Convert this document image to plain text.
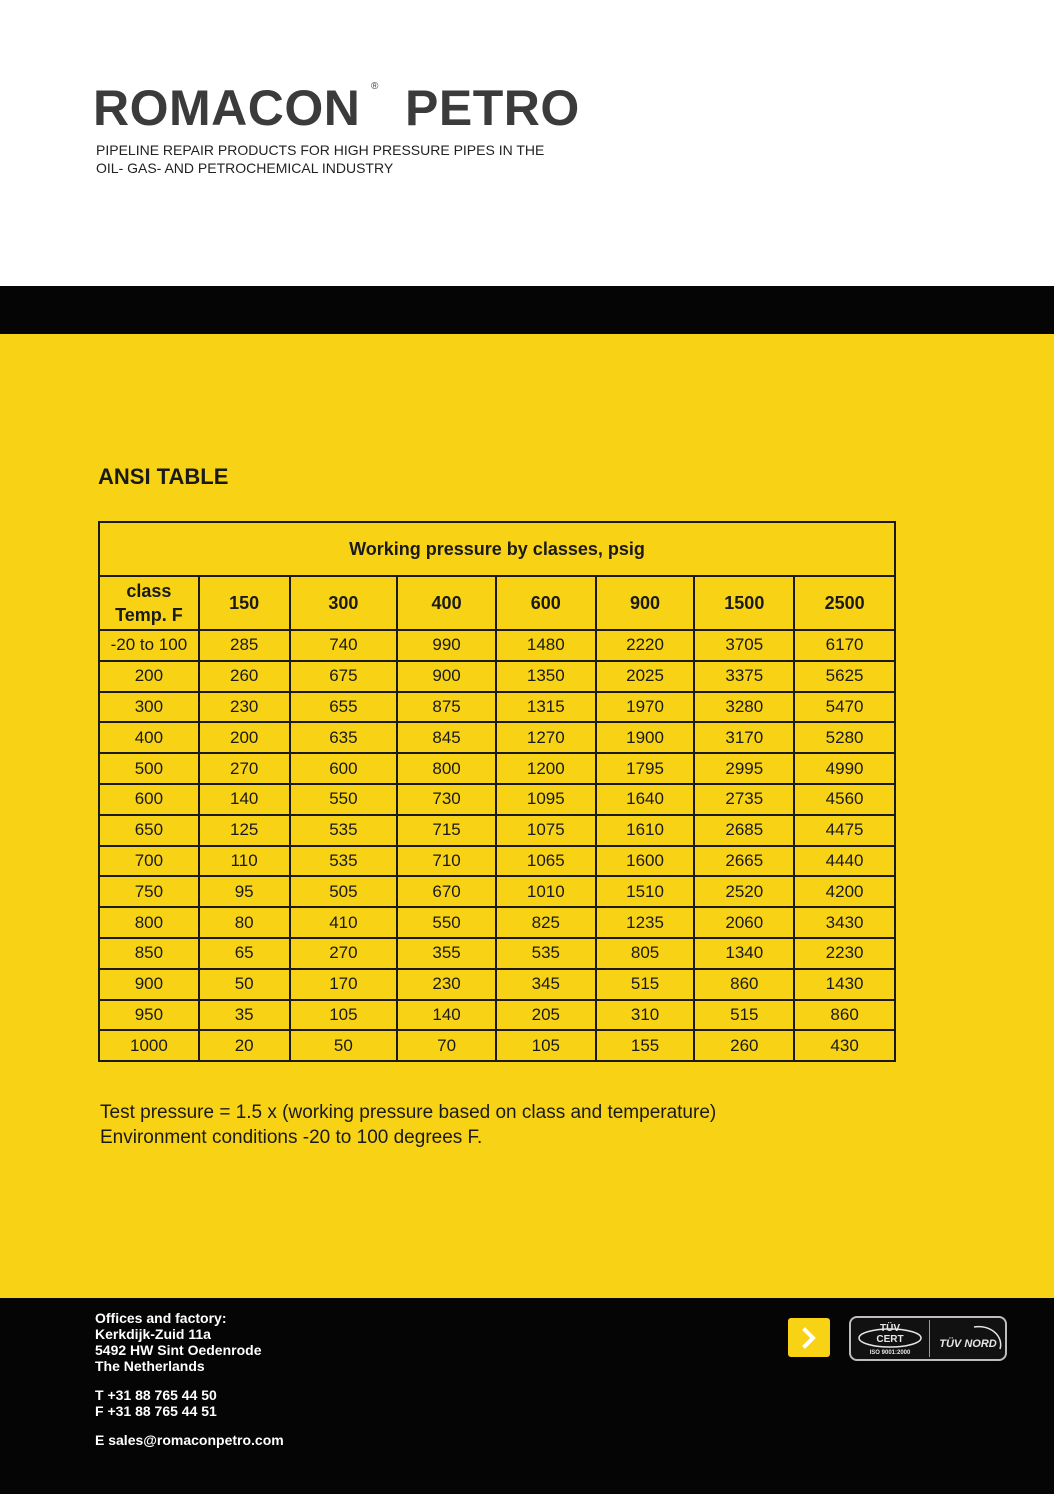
ROMACON ® PETRO
PIPELINE REPAIR PRODUCTS FOR HIGH PRESSURE PIPES IN THE
OIL- GAS- AND PETROCHEMICAL INDUSTRY
ANSI TABLE
Working pressure by classes, psig							

class
Temp. F	150	300	400	600	900	1500	2500
-20 to 100	285	740	990	1480	2220	3705	6170
200	260	675	900	1350	2025	3375	5625
300	230	655	875	1315	1970	3280	5470
400	200	635	845	1270	1900	3170	5280
500	270	600	800	1200	1795	2995	4990
600	140	550	730	1095	1640	2735	4560
650	125	535	715	1075	1610	2685	4475
700	110	535	710	1065	1600	2665	4440
750	95	505	670	1010	1510	2520	4200
800	80	410	550	825	1235	2060	3430
850	65	270	355	535	805	1340	2230
900	50	170	230	345	515	860	1430
950	35	105	140	205	310	515	860
1000	20	50	70	105	155	260	430
Test pressure = 1.5 x (working pressure based on class and temperature)
Environment conditions -20 to 100 degrees F.
Offices and factory:
Kerkdijk-Zuid 11a
5492 HW Sint Oedenrode
The Netherlands
T +31 88 765 44 50
F +31 88 765 44 51
E sales@romaconpetro.com
TÜV
CERT
ISO 9001:2000
TÜV NORD
